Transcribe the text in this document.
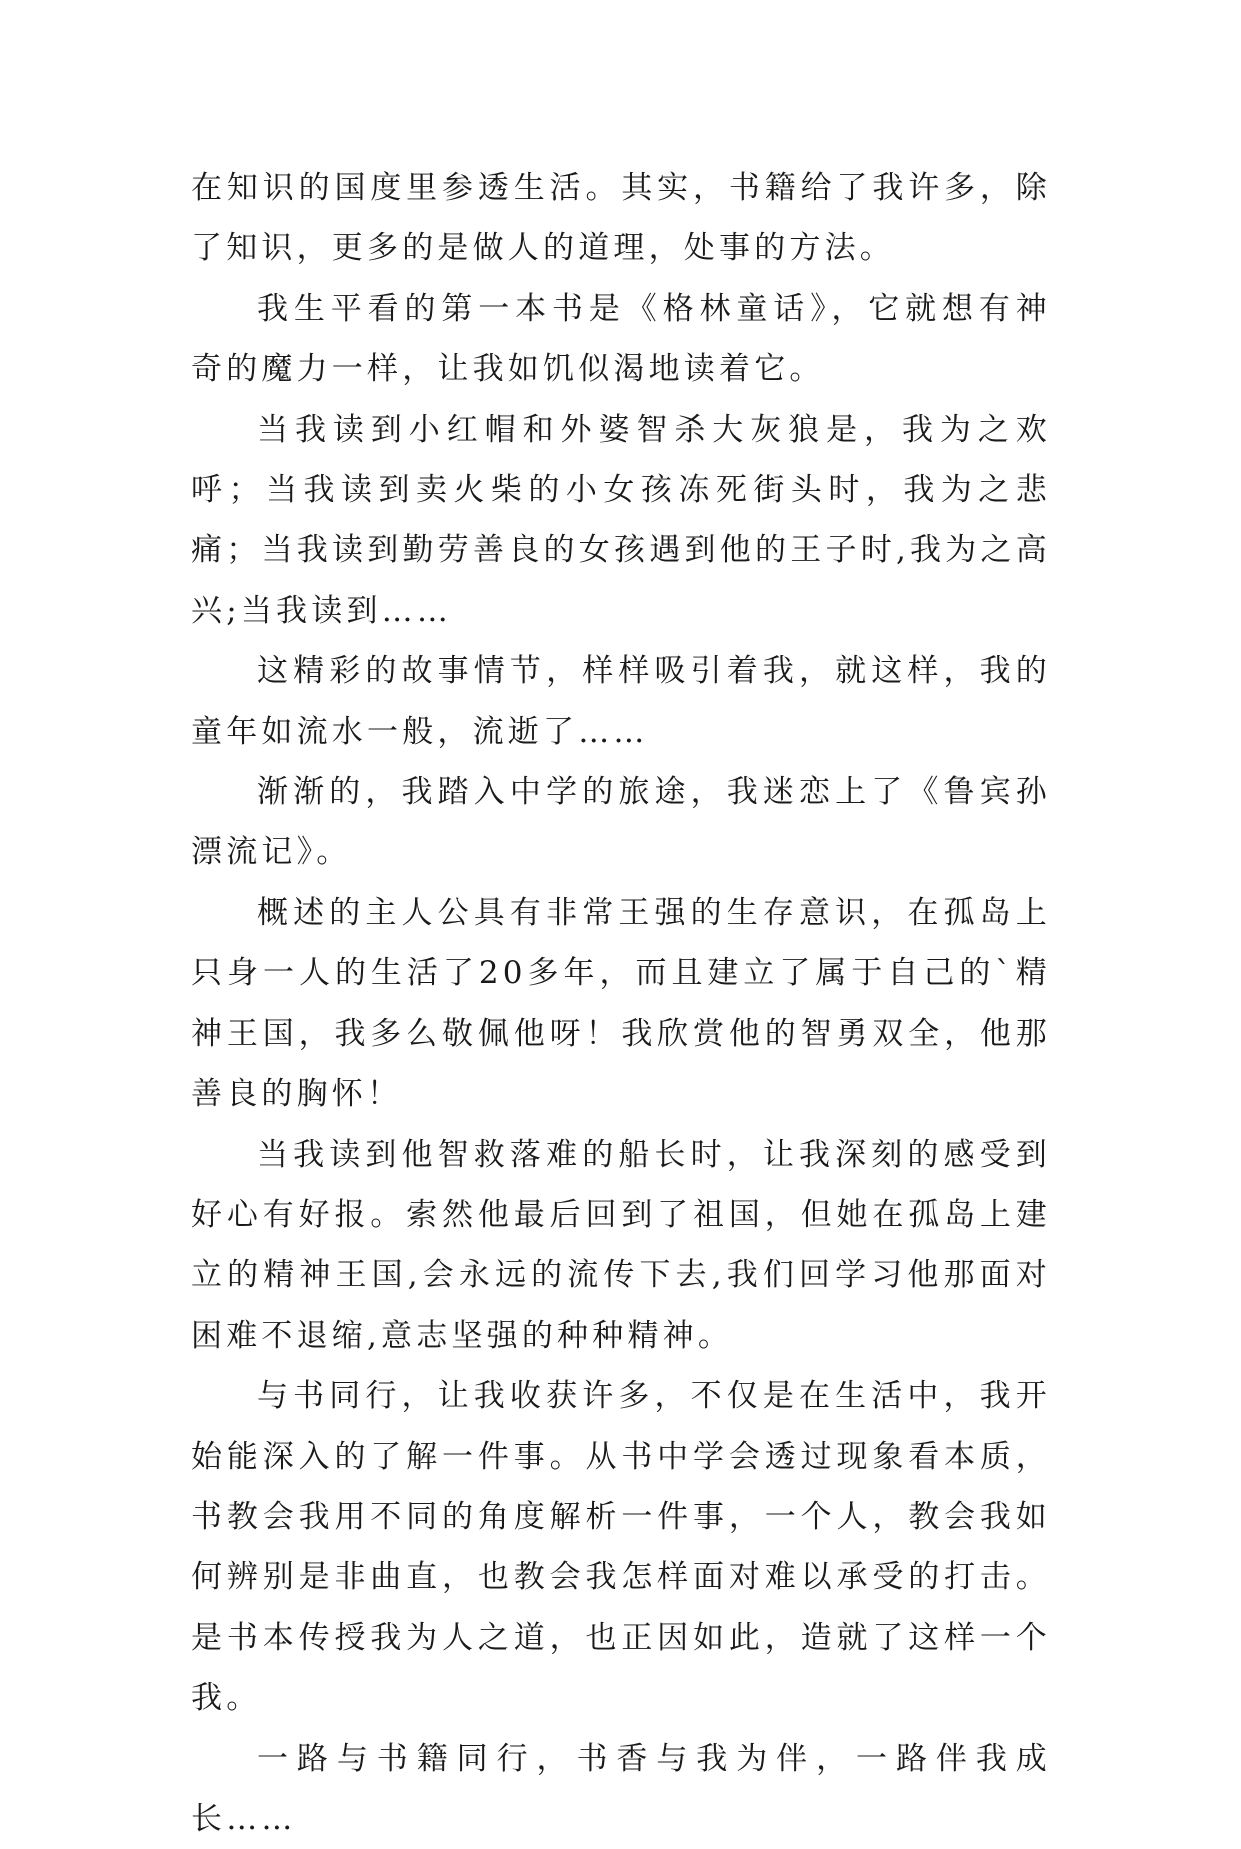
在知识的国度里参透生活。其实，书籍给了我许多，除了知识，更多的是做人的道理，处事的方法。

我生平看的第一本书是《格林童话》，它就想有神奇的魔力一样，让我如饥似渴地读着它。

当我读到小红帽和外婆智杀大灰狼是，我为之欢呼；当我读到卖火柴的小女孩冻死街头时，我为之悲痛；当我读到勤劳善良的女孩遇到他的王子时,我为之高兴;当我读到……

这精彩的故事情节，样样吸引着我，就这样，我的童年如流水一般，流逝了……

渐渐的，我踏入中学的旅途，我迷恋上了《鲁宾孙漂流记》。

概述的主人公具有非常王强的生存意识，在孤岛上只身一人的生活了20多年，而且建立了属于自己的`精神王国，我多么敬佩他呀！我欣赏他的智勇双全，他那善良的胸怀！

当我读到他智救落难的船长时，让我深刻的感受到好心有好报。索然他最后回到了祖国，但她在孤岛上建立的精神王国,会永远的流传下去,我们回学习他那面对困难不退缩,意志坚强的种种精神。

与书同行，让我收获许多，不仅是在生活中，我开始能深入的了解一件事。从书中学会透过现象看本质，书教会我用不同的角度解析一件事，一个人，教会我如何辨别是非曲直，也教会我怎样面对难以承受的打击。是书本传授我为人之道，也正因如此，造就了这样一个我。

一路与书籍同行，书香与我为伴，一路伴我成长……
